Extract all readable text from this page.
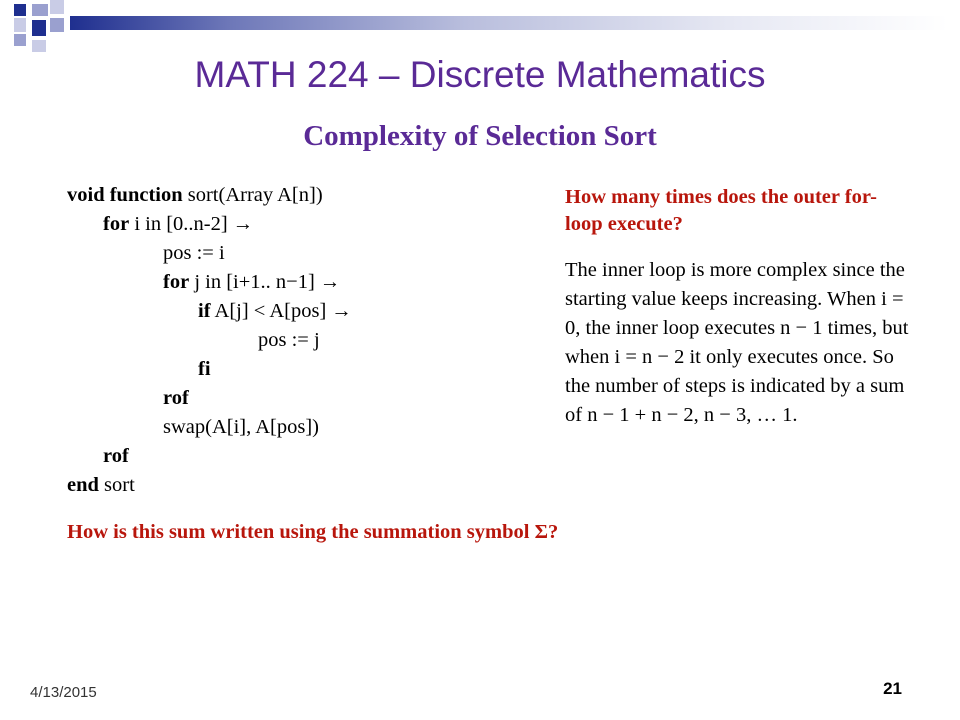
MATH 224 – Discrete Mathematics
Complexity of Selection Sort
void function sort(Array A[n])
for i in [0..n-2] →
pos := i
for j in [i+1.. n−1] →
if A[j] < A[pos] →
pos := j
fi
rof
swap(A[i], A[pos])
rof
end sort
How many times does the outer for-loop execute?
The inner loop is more complex since the starting value keeps increasing. When i = 0, the inner loop executes n − 1 times, but when i = n − 2 it only executes once. So the number of steps is indicated by a sum of n − 1 + n − 2, n − 3, … 1.
How is this sum written using the summation symbol Σ?
4/13/2015	21
